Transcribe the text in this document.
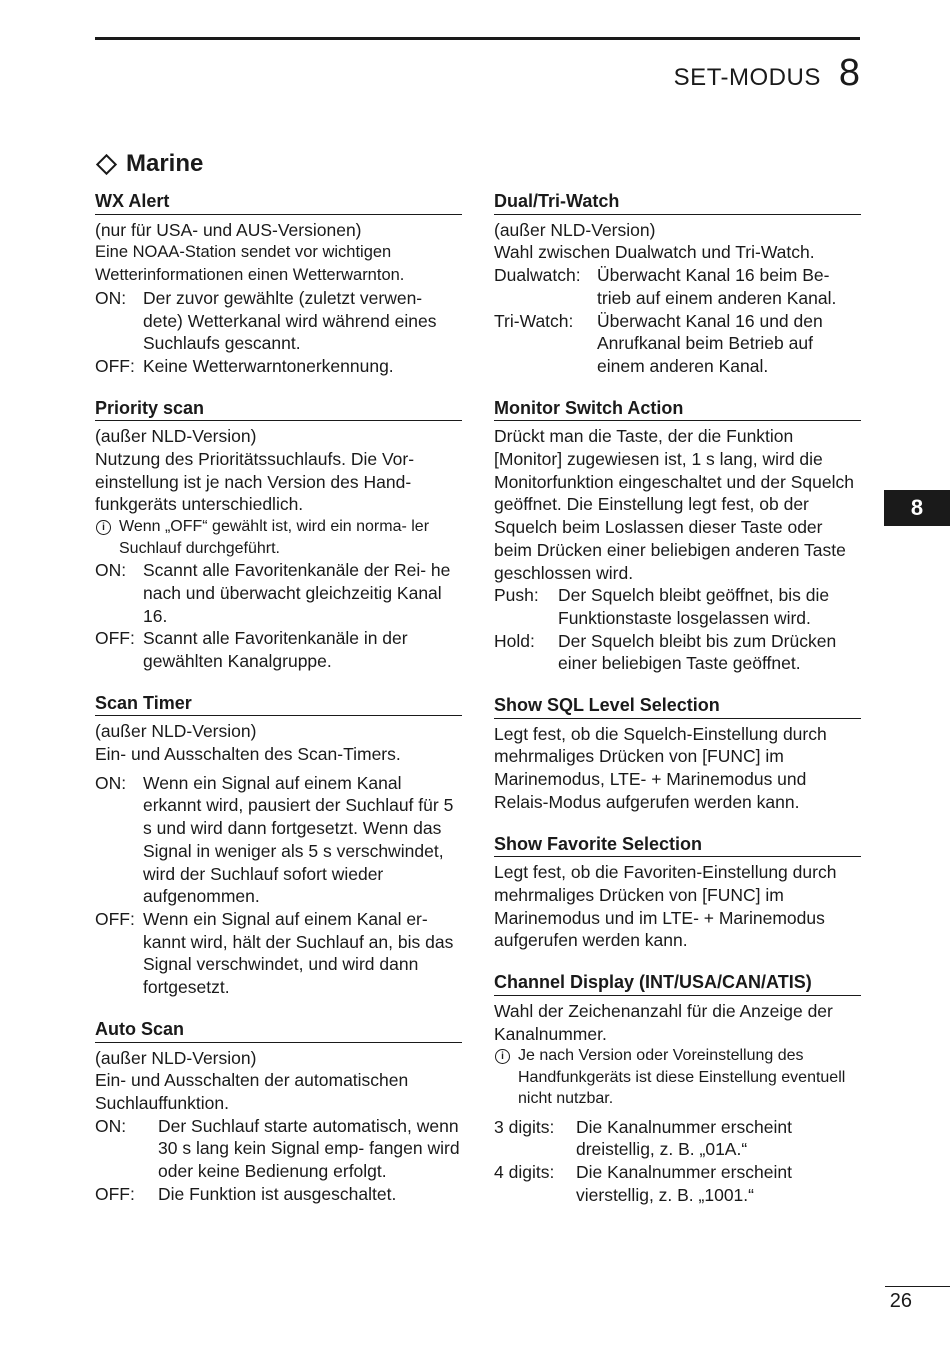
SET-MODUS 8
Marine
WX Alert

(nur für USA- und AUS-Versionen)

Eine NOAA-Station sendet vor wichtigen

Wetterinformationen einen Wetterwarnton.

ON: Der zuvor gewählte (zuletzt verwen- dete) Wetterkanal wird während eines Suchlaufs gescannt.
OFF: Keine Wetterwarntonerkennung.
Priority scan

(außer NLD-Version)

Nutzung des Prioritätssuchlaufs. Die Vor- einstellung ist je nach Version des Hand- funkgeräts unterschiedlich.

i Wenn „OFF“ gewählt ist, wird ein norma- ler Suchlauf durchgeführt.
ON: Scannt alle Favoritenkanäle der Rei- he nach und überwacht gleichzeitig Kanal 16.
OFF: Scannt alle Favoritenkanäle in der gewählten Kanalgruppe.
Scan Timer

(außer NLD-Version)

Ein- und Ausschalten des Scan-Timers.

ON: Wenn ein Signal auf einem Kanal erkannt wird, pausiert der Suchlauf für 5 s und wird dann fortgesetzt. Wenn das Signal in weniger als 5 s verschwindet, wird der Suchlauf sofort wieder aufgenommen.
OFF: Wenn ein Signal auf einem Kanal er- kannt wird, hält der Suchlauf an, bis das Signal verschwindet, und wird dann fortgesetzt.
Auto Scan

(außer NLD-Version)

Ein- und Ausschalten der automatischen Suchlauffunktion.

ON:	Der Suchlauf starte automatisch, wenn 30 s lang kein Signal emp- fangen wird oder keine Bedienung erfolgt.
OFF:	Die Funktion ist ausgeschaltet.
Dual/Tri-Watch

(außer NLD-Version)

Wahl zwischen Dualwatch und Tri-Watch.

Dualwatch: Überwacht Kanal 16 beim Be- trieb auf einem anderen Kanal.
Tri-Watch:	Überwacht Kanal 16 und den Anrufkanal beim Betrieb auf einem anderen Kanal.
Monitor Switch Action

Drückt man die Taste, der die Funktion [Monitor] zugewiesen ist, 1 s lang, wird die Monitorfunktion eingeschaltet und der Squelch geöffnet. Die Einstellung legt fest, ob der Squelch beim Loslassen dieser Taste oder beim Drücken einer beliebigen anderen Taste geschlossen wird.

Push:	Der Squelch bleibt geöffnet, bis die Funktionstaste losgelassen wird.
Hold:	Der Squelch bleibt bis zum Drücken einer beliebigen Taste geöffnet.
Show SQL Level Selection

Legt fest, ob die Squelch-Einstellung durch mehrmaliges Drücken von [FUNC] im Marinemodus, LTE- + Marinemodus und Relais-Modus aufgerufen werden kann.

Show Favorite Selection

Legt fest, ob die Favoriten-Einstellung durch mehrmaliges Drücken von [FUNC] im Marinemodus und im LTE- + Marinemodus aufgerufen werden kann.

Channel Display (INT/USA/CAN/ATIS)

Wahl der Zeichenanzahl für die Anzeige der Kanalnummer.

i Je nach Version oder Voreinstellung des Handfunkgeräts ist diese Einstellung eventuell nicht nutzbar.
3 digits:	Die Kanalnummer erscheint dreistellig, z. B. „01A.“
4 digits:	Die Kanalnummer erscheint vierstellig, z. B. „1001.“
8
26
